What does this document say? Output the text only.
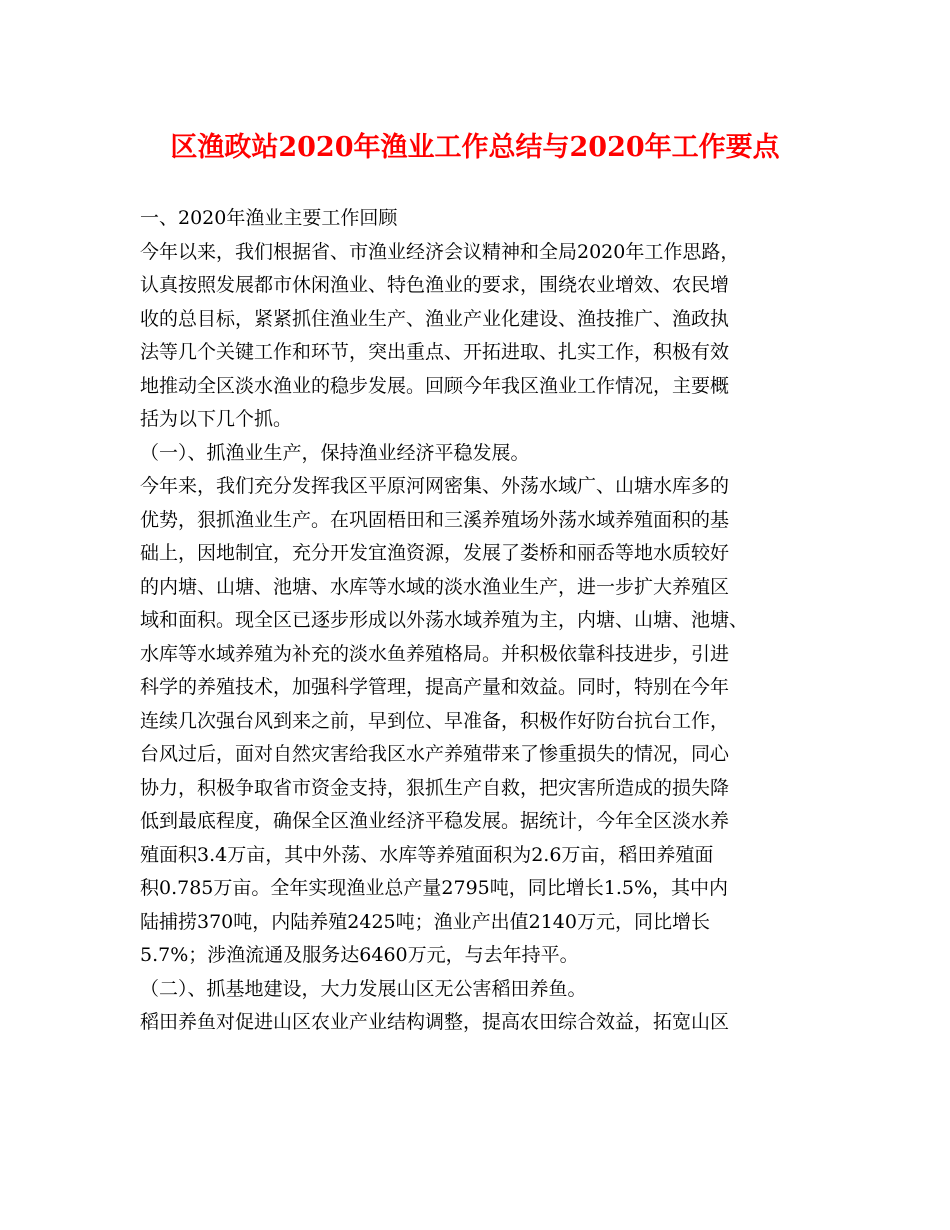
区渔政站2020年渔业工作总结与2020年工作要点

一、2020年渔业主要工作回顾

今年以来，我们根据省、市渔业经济会议精神和全局2020年工作思路，
认真按照发展都市休闲渔业、特色渔业的要求，围绕农业增效、农民增
收的总目标，紧紧抓住渔业生产、渔业产业化建设、渔技推广、渔政执
法等几个关键工作和环节，突出重点、开拓进取、扎实工作，积极有效
地推动全区淡水渔业的稳步发展。回顾今年我区渔业工作情况，主要概
括为以下几个抓。

（一）、抓渔业生产，保持渔业经济平稳发展。

今年来，我们充分发挥我区平原河网密集、外荡水域广、山塘水库多的
优势，狠抓渔业生产。在巩固梧田和三溪养殖场外荡水域养殖面积的基
础上，因地制宜，充分开发宜渔资源，发展了娄桥和丽岙等地水质较好
的内塘、山塘、池塘、水库等水域的淡水渔业生产，进一步扩大养殖区
域和面积。现全区已逐步形成以外荡水域养殖为主，内塘、山塘、池塘、
水库等水域养殖为补充的淡水鱼养殖格局。并积极依靠科技进步，引进
科学的养殖技术，加强科学管理，提高产量和效益。同时，特别在今年
连续几次强台风到来之前，早到位、早准备，积极作好防台抗台工作，
台风过后，面对自然灾害给我区水产养殖带来了惨重损失的情况，同心
协力，积极争取省市资金支持，狠抓生产自救，把灾害所造成的损失降
低到最底程度，确保全区渔业经济平稳发展。据统计，今年全区淡水养
殖面积3.4万亩，其中外荡、水库等养殖面积为2.6万亩，稻田养殖面
积0.785万亩。全年实现渔业总产量2795吨，同比增长1.5%，其中内
陆捕捞370吨，内陆养殖2425吨；渔业产出值2140万元，同比增长
5.7%；涉渔流通及服务达6460万元，与去年持平。

（二）、抓基地建设，大力发展山区无公害稻田养鱼。

稻田养鱼对促进山区农业产业结构调整，提高农田综合效益，拓宽山区
